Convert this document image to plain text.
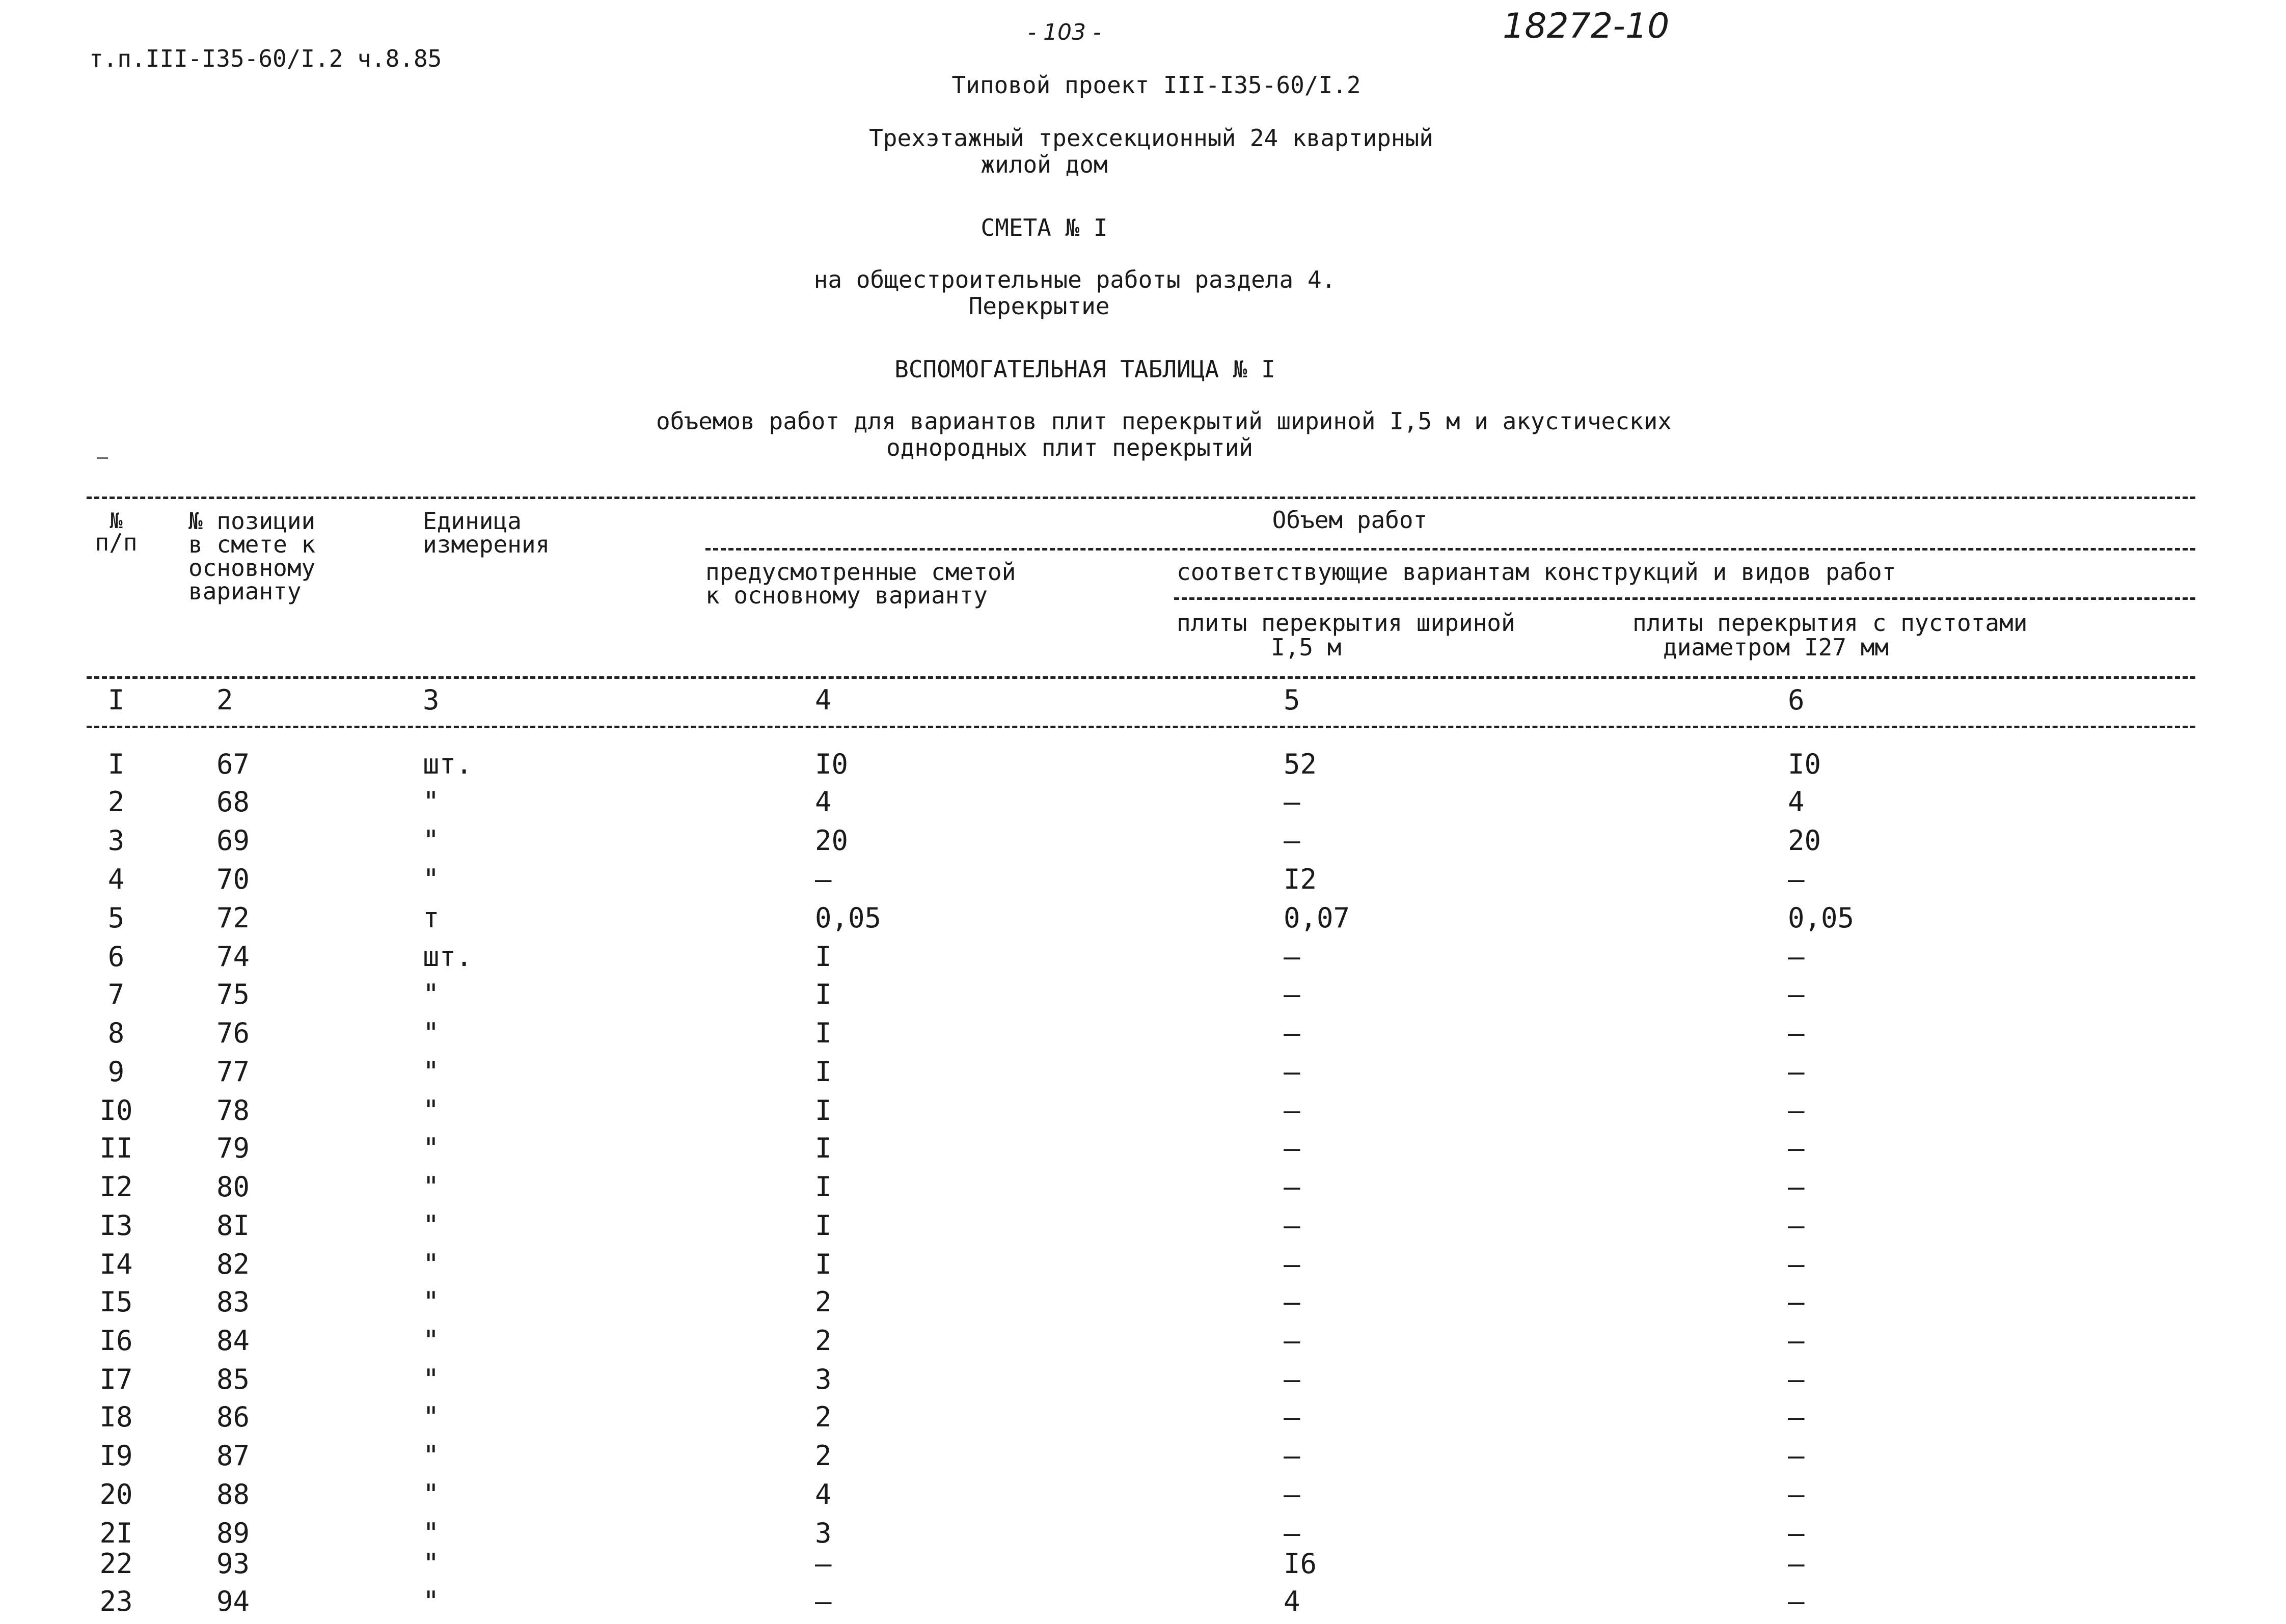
т.п.III-I35-60/I.2 ч.8.85
- 103 -	18272-10
Типовой проект III-I35-60/I.2
Трехэтажный трехсекционный 24 квартирный
жилой дом
СМЕТА № I
на общестроительные работы раздела 4.
Перекрытие
ВСПОМОГАТЕЛЬНАЯ ТАБЛИЦА № I
объемов работ для вариантов плит перекрытий шириной I,5 м и акустических
однородных плит перекрытий
№
п/п
№ позиции
в смете к
основному
варианту
Единица
измерения
Объем работ
предусмотренные сметой
к основному варианту
соответствующие вариантам конструкций и видов работ
плиты перекрытия шириной
I,5 м
плиты перекрытия с пустотами
диаметром I27 мм
I	2	3	4	5	6
I	67	шт.	I0	52	I0
2	68	"	4	–	4
3	69	"	20	–	20
4	70	"	–	I2	–
5	72	т	0,05	0,07	0,05
6	74	шт.	I	–	–
7	75	"	I	–	–
8	76	"	I	–	–
9	77	"	I	–	–
I0	78	"	I	–	–
II	79	"	I	–	–
I2	80	"	I	–	–
I3	8I	"	I	–	–
I4	82	"	I	–	–
I5	83	"	2	–	–
I6	84	"	2	–	–
I7	85	"	3	–	–
I8	86	"	2	–	–
I9	87	"	2	–	–
20	88	"	4	–	–
2I	89	"	3	–	–
22	93	"	–	I6	–
23	94	"	–	4	–
